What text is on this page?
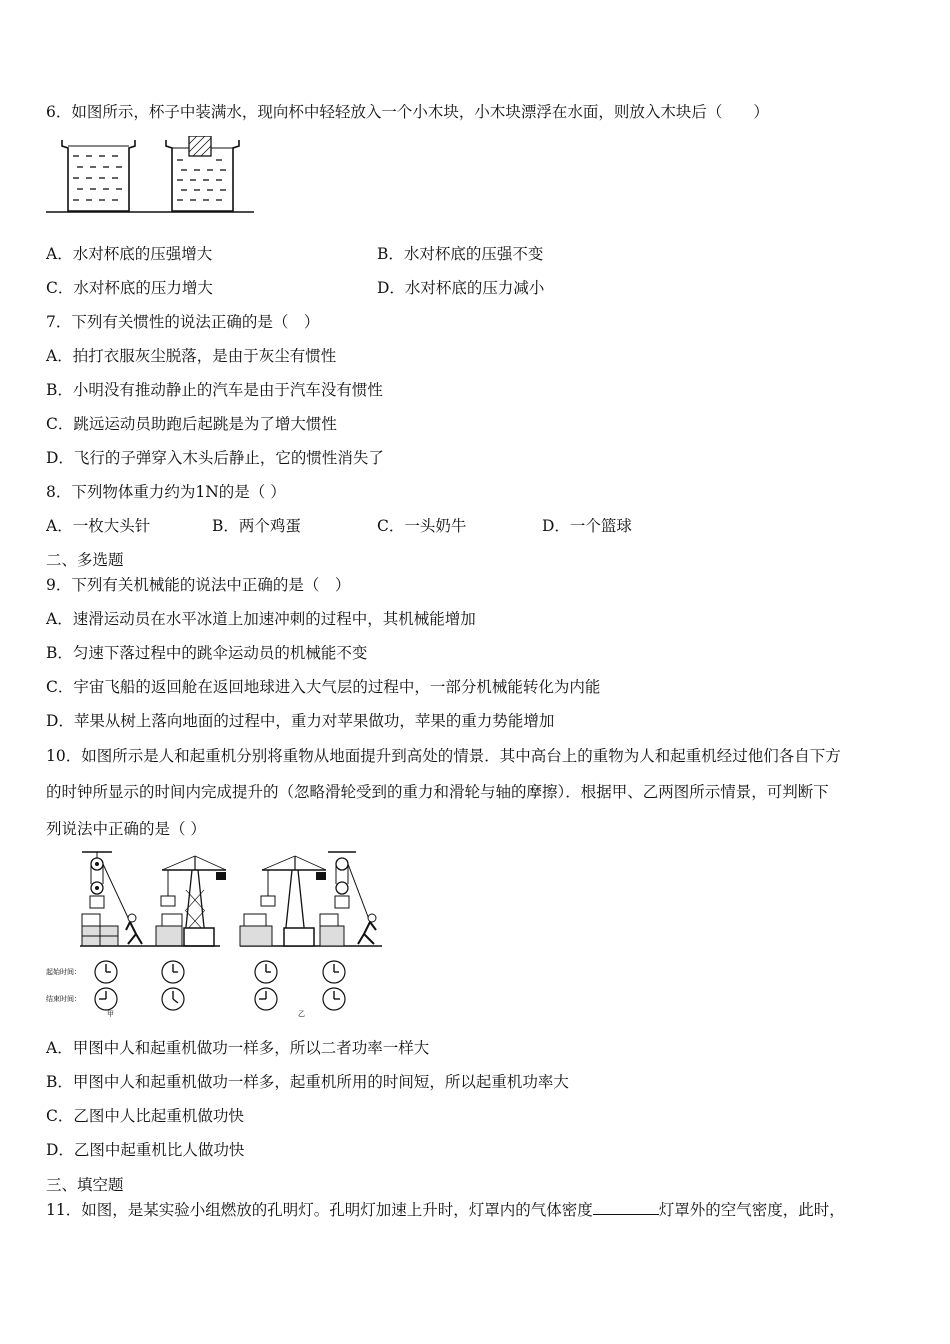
6．如图所示，杯子中装满水，现向杯中轻轻放入一个小木块，小木块漂浮在水面，则放入木块后（　　）
A．水对杯底的压强增大	B．水对杯底的压强不变
C．水对杯底的压力增大	D．水对杯底的压力减小
7．下列有关惯性的说法正确的是（　）
A．拍打衣服灰尘脱落，是由于灰尘有惯性
B．小明没有推动静止的汽车是由于汽车没有惯性
C．跳远运动员助跑后起跳是为了增大惯性
D．飞行的子弹穿入木头后静止，它的惯性消失了
8．下列物体重力约为1N的是（ ）
A．一枚大头针	B．两个鸡蛋	C．一头奶牛	D．一个篮球
二、多选题
9．下列有关机械能的说法中正确的是（　）
A．速滑运动员在水平冰道上加速冲刺的过程中，其机械能增加
B．匀速下落过程中的跳伞运动员的机械能不变
C．宇宙飞船的返回舱在返回地球进入大气层的过程中，一部分机械能转化为内能
D．苹果从树上落向地面的过程中，重力对苹果做功，苹果的重力势能增加
10．如图所示是人和起重机分别将重物从地面提升到高处的情景．其中高台上的重物为人和起重机经过他们各自下方
的时钟所显示的时间内完成提升的（忽略滑轮受到的重力和滑轮与轴的摩擦）．根据甲、乙两图所示情景，可判断下
列说法中正确的是（ ）
起始时间：
结束时间：
甲	乙
A．甲图中人和起重机做功一样多，所以二者功率一样大
B．甲图中人和起重机做功一样多，起重机所用的时间短，所以起重机功率大
C．乙图中人比起重机做功快
D．乙图中起重机比人做功快
三、填空题
11．如图，是某实验小组燃放的孔明灯。孔明灯加速上升时，灯罩内的气体密度	灯罩外的空气密度，此时，
